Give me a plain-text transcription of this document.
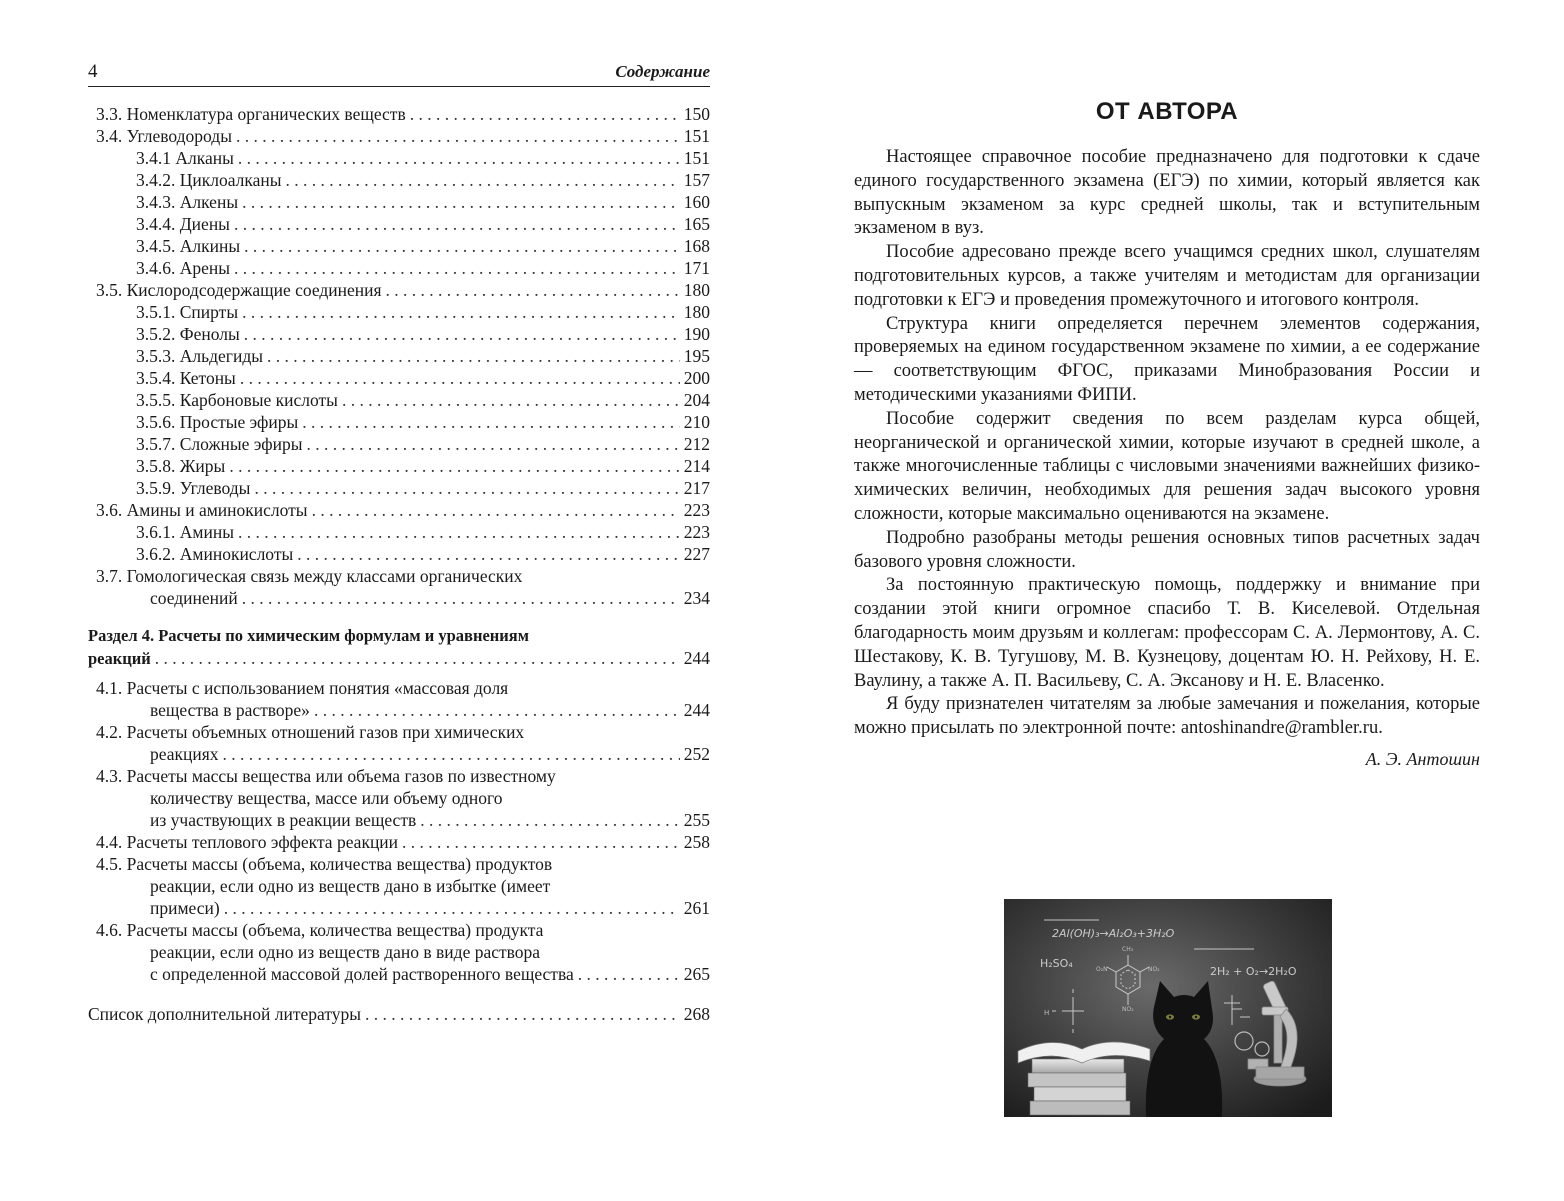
4	Содержание
3.3. Номенклатура органических веществ . . .	150
3.4. Углеводороды . . .	151
3.4.1 Алканы . . .	151
3.4.2. Циклоалканы . . .	157
3.4.3. Алкены . . .	160
3.4.4. Диены . . .	165
3.4.5. Алкины . . .	168
3.4.6. Арены . . .	171
3.5. Кислородсодержащие соединения . . .	180
3.5.1. Спирты . . .	180
3.5.2. Фенолы . . .	190
3.5.3. Альдегиды . . .	195
3.5.4. Кетоны . . .	200
3.5.5. Карбоновые кислоты . . .	204
3.5.6. Простые эфиры . . .	210
3.5.7. Сложные эфиры . . .	212
3.5.8. Жиры . . .	214
3.5.9. Углеводы . . .	217
3.6. Амины и аминокислоты . . .	223
3.6.1. Амины . . .	223
3.6.2. Аминокислоты . . .	227
3.7. Гомологическая связь между классами органических
соединений . . .	234
Раздел 4. Расчеты по химическим формулам и уравнениям
реакций . . .	244
4.1. Расчеты с использованием понятия «массовая доля
вещества в растворе» . . .	244
4.2. Расчеты объемных отношений газов при химических
реакциях . . .	252
4.3. Расчеты массы вещества или объема газов по известному
количеству вещества, массе или объему одного
из участвующих в реакции веществ . . .	255
4.4. Расчеты теплового эффекта реакции . . .	258
4.5. Расчеты массы (объема, количества вещества) продуктов
реакции, если одно из веществ дано в избытке (имеет
примеси) . . .	261
4.6. Расчеты массы (объема, количества вещества) продукта
реакции, если одно из веществ дано в виде раствора
с определенной массовой долей растворенного вещества . . .	265
Список дополнительной литературы . . .	268
ОТ АВТОРА

Настоящее справочное пособие предназначено для подготовки к сдаче единого государственного экзамена (ЕГЭ) по химии, который является как выпускным экзаменом за курс средней школы, так и вступительным экзаменом в вуз.

Пособие адресовано прежде всего учащимся средних школ, слушателям подготовительных курсов, а также учителям и методистам для организации подготовки к ЕГЭ и проведения промежуточного и итогового контроля.

Структура книги определяется перечнем элементов содержания, проверяемых на едином государственном экзамене по химии, а ее содержание — соответствующим ФГОС, приказами Минобразования России и методическими указаниями ФИПИ.

Пособие содержит сведения по всем разделам курса общей, неорганической и органической химии, которые изучают в средней школе, а также многочисленные таблицы с числовыми значениями важнейших физико-химических величин, необходимых для решения задач высокого уровня сложности, которые максимально оцениваются на экзамене.

Подробно разобраны методы решения основных типов расчетных задач базового уровня сложности.

За постоянную практическую помощь, поддержку и внимание при создании этой книги огромное спасибо Т. В. Киселевой. Отдельная благодарность моим друзьям и коллегам: профессорам С. А. Лермонтову, А. С. Шестакову, К. В. Тугушову, М. В. Кузнецову, доцентам Ю. Н. Рейхову, Н. Е. Ваулину, а также А. П. Васильеву, С. А. Эксанову и Н. Е. Власенко.

Я буду признателен читателям за любые замечания и пожелания, которые можно присылать по электронной почте: antoshinandre@rambler.ru.

А. Э. Антошин
2Al(OH)₃→Al₂O₃+3H₂O
H₂SO₄
2H₂ + O₂→2H₂O
CH₃
O₂N	NO₂
NO₂
H
